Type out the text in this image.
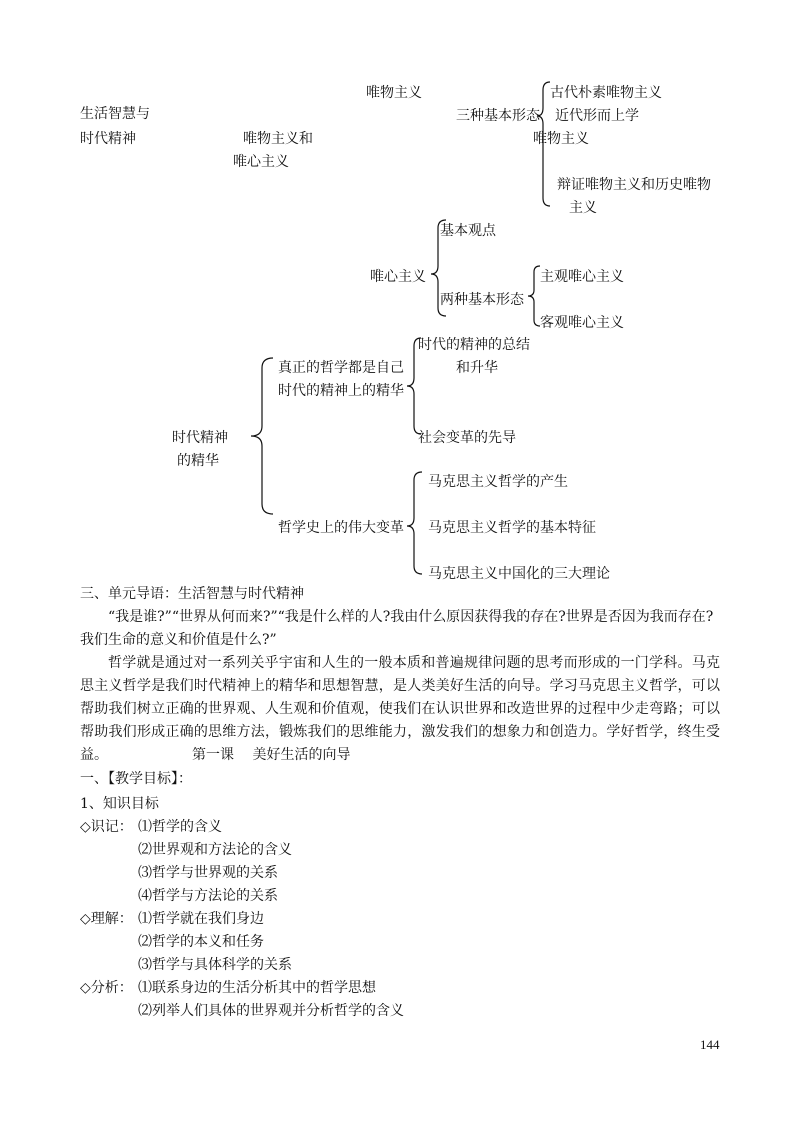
生活智慧与
时代精神
唯物主义
唯物主义和
唯心主义
三种基本形态
古代朴素唯物主义
近代形而上学
唯物主义
辩证唯物主义和历史唯物
主义
唯心主义
基本观点
两种基本形态
主观唯心主义
客观唯心主义
时代精神
的精华
真正的哲学都是自己
时代的精神上的精华
时代的精神的总结
和升华
社会变革的先导
哲学史上的伟大变革
马克思主义哲学的产生
马克思主义哲学的基本特征
马克思主义中国化的三大理论
三、单元导语：生活智慧与时代精神
“我是谁?”“世界从何而来?”“我是什么样的人?我由什么原因获得我的存在?世界是否因为我而存在?我们生命的意义和价值是什么?”
哲学就是通过对一系列关乎宇宙和人生的一般本质和普遍规律问题的思考而形成的一门学科。马克思主义哲学是我们时代精神上的精华和思想智慧，是人类美好生活的向导。学习马克思主义哲学，可以帮助我们树立正确的世界观、人生观和价值观，使我们在认识世界和改造世界的过程中少走弯路；可以帮助我们形成正确的思维方法，锻炼我们的思维能力，激发我们的想象力和创造力。学好哲学，终生受益。	第一课　 美好生活的向导
一、【教学目标】：
1、知识目标
◇识记： ⑴哲学的含义
⑵世界观和方法论的含义
⑶哲学与世界观的关系
⑷哲学与方法论的关系
◇理解： ⑴哲学就在我们身边
⑵哲学的本义和任务
⑶哲学与具体科学的关系
◇分析： ⑴联系身边的生活分析其中的哲学思想
⑵列举人们具体的世界观并分析哲学的含义
144
